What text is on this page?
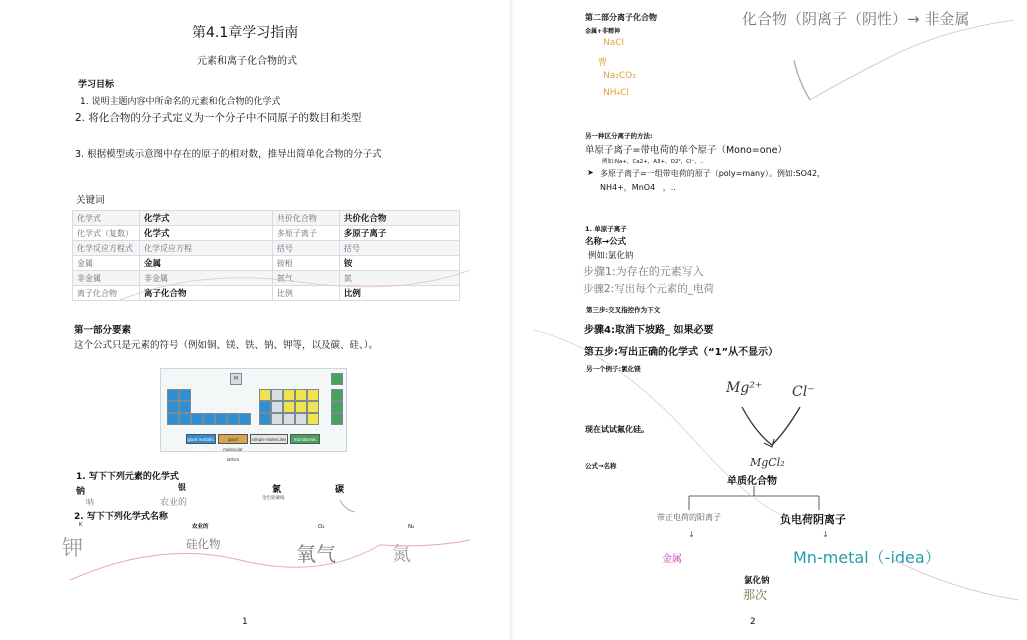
第4.1章学习指南
元素和离子化合物的式
学习目标
1. 说明主题内容中所命名的元素和化合物的化学式
2. 将化合物的分子式定义为一个分子中不同原子的数目和类型
3. 根据模型或示意图中存在的原子的相对数，推导出简单化合物的分子式
关键词
化学式	化学式	共价化合物	共价化合物
化学式（复数）	化学式	多原子离子	多原子离子
化学反应方程式	化学反应方程	括号	括号
金属	金属	铵根	铵
非金属	非金属	氮气	氮
离子化合物	离子化合物	比例	比例
第一部分要素
这个公式只是元素的符号（例如铜、镁、铁、钠、钾等，以及碳、硅、）。
H
good metallic solids
good molecular lattice
simple molecules	monatomic
1. 写下下列元素的化学式
钠	银	氯	碳
呐	农业的	金色轮廓线
2. 写下下列化学式名称
K	农业的	O₂	N₂
钾	硅化物	氧气	氮
1
第二部分离子化合物
金属+非精神
NaCl
曹
Na₂CO₃
NH₄Cl
化合物（阴离子（阴性）→ 非金属
另一种区分离子的方法:
单原子离子=带电荷的单个原子（Mono=one）
例如:Na+，Ca2+，A3+，O2²，Cl⁻，..
➤ 多原子离子=一组带电荷的原子（poly=many）。例如:SO42，
NH4+，MnO4   ，..
1. 单原子离子
名称→公式
例如:氯化钠
步骤1:为存在的元素写入
步骤2:写出每个元素的_电荷
第三步:交叉指控作为下文
步骤4:取消下坡路_ 如果必要
第五步:写出正确的化学式（“1”从不显示）
另一个例子:氯化镁
Mg²⁺ Cl⁻
现在试试氟化硅。
公式→名称	MgCl₂
单质化合物
带正电荷的阳离子	负电荷阴离子
↓	↓
金属	Mn-metal（-idea）
氯化钠
那次
2
